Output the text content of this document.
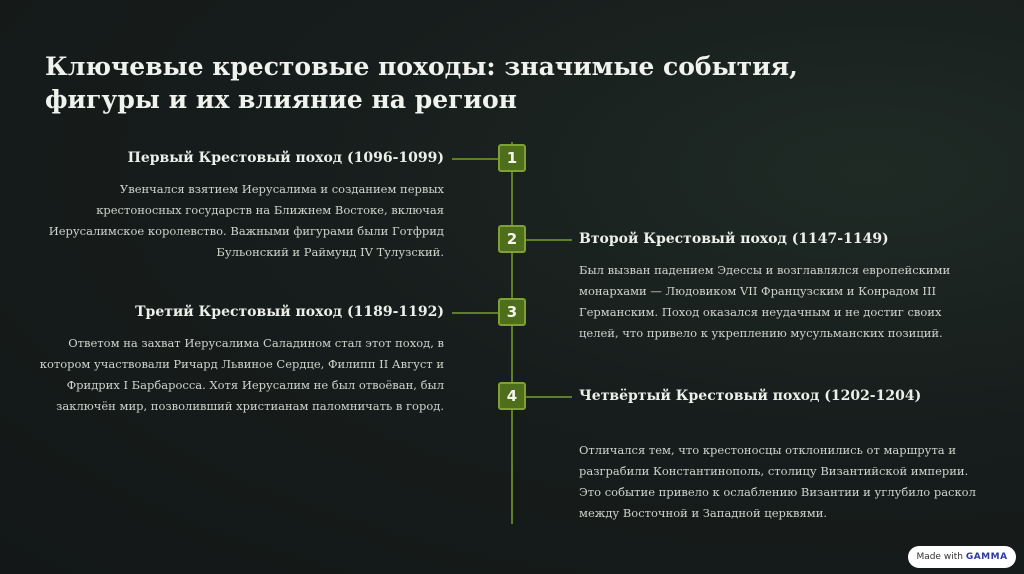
Ключевые крестовые походы: значимые события, фигуры и их влияние на регион
1

Первый Крестовый поход (1096-1099)

Увенчался взятием Иерусалима и созданием первых крестоносных государств на Ближнем Востоке, включая Иерусалимское королевство. Важными фигурами были Готфрид Бульонский и Раймунд IV Тулузский.

2	Второй Крестовый поход (1147-1149)

Был вызван падением Эдессы и возглавлялся европейскими монархами — Людовиком VII Французским и Конрадом III Германским. Поход оказался неудачным и не достиг своих целей, что привело к укреплению мусульманских позиций.

3

Третий Крестовый поход (1189-1192)

Ответом на захват Иерусалима Саладином стал этот поход, в котором участвовали Ричард Львиное Сердце, Филипп II Август и Фридрих I Барбаросса. Хотя Иерусалим не был отвоёван, был заключён мир, позволивший христианам паломничать в город.

4	Четвёртый Крестовый поход (1202-1204)

Отличался тем, что крестоносцы отклонились от маршрута и разграбили Константинополь, столицу Византийской империи. Это событие привело к ослаблению Византии и углубило раскол между Восточной и Западной церквями.

Made with GAMMA
